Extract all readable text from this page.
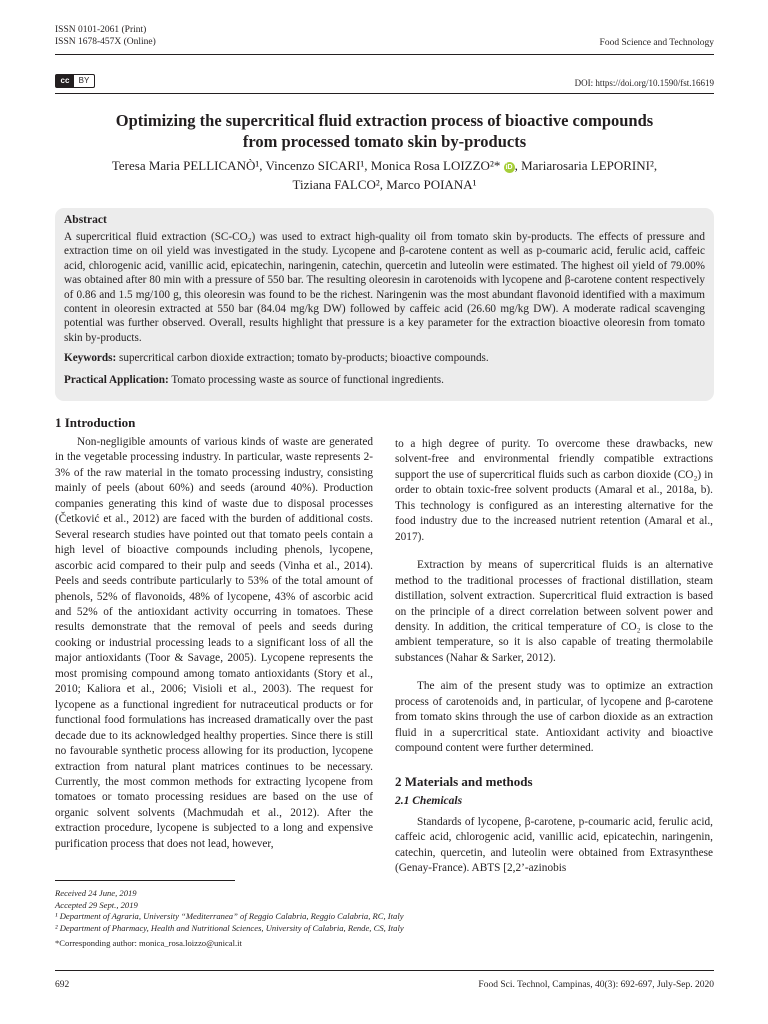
ISSN 0101-2061 (Print)
ISSN 1678-457X (Online)	Food Science and Technology
cc	BY	DOI: https://doi.org/10.1590/fst.16619
Optimizing the supercritical fluid extraction process of bioactive compounds
from processed tomato skin by-products
Teresa Maria PELLICANÒ¹, Vincenzo SICARI¹, Monica Rosa LOIZZO²* iD , Mariarosaria LEPORINI²,
Tiziana FALCO², Marco POIANA¹
Abstract

A supercritical fluid extraction (SC-CO₂) was used to extract high-quality oil from tomato skin by-products. The effects of pressure and extraction time on oil yield was investigated in the study. Lycopene and β-carotene content as well as p-coumaric acid, ferulic acid, caffeic acid, chlorogenic acid, vanillic acid, epicatechin, naringenin, catechin, quercetin and luteolin were estimated. The highest oil yield of 79.00% was obtained after 80 min with a pressure of 550 bar. The resulting oleoresin in carotenoids with lycopene and β-carotene content respectively of 0.86 and 1.5 mg/100 g, this oleoresin was found to be the richest. Naringenin was the most abundant flavonoid identified with a maximum content in oleoresin extracted at 550 bar (84.04 mg/kg DW) followed by caffeic acid (26.60 mg/kg DW). A moderate radical scavenging potential was further observed. Overall, results highlight that pressure is a key parameter for the extraction bioactive oleoresin from tomato skin by-products.

Keywords: supercritical carbon dioxide extraction; tomato by-products; bioactive compounds.

Practical Application: Tomato processing waste as source of functional ingredients.

1 Introduction

Non-negligible amounts of various kinds of waste are generated in the vegetable processing industry. In particular, waste represents 2-3% of the raw material in the tomato processing industry, consisting mainly of peels (about 60%) and seeds (around 40%). Production companies generating this kind of waste due to disposal processes (Četković et al., 2012) are faced with the burden of additional costs. Several research studies have pointed out that tomato peels contain a high level of bioactive compounds including phenols, lycopene, ascorbic acid compared to their pulp and seeds (Vinha et al., 2014). Peels and seeds contribute particularly to 53% of the total amount of phenols, 52% of flavonoids, 48% of lycopene, 43% of ascorbic acid and 52% of the antioxidant activity occurring in tomatoes. These results demonstrate that the removal of peels and seeds during cooking or industrial processing leads to a significant loss of all the major antioxidants (Toor & Savage, 2005). Lycopene represents the most promising compound among tomato antioxidants (Story et al., 2010; Kaliora et al., 2006; Visioli et al., 2003). The request for lycopene as a functional ingredient for nutraceutical products or for functional food formulations has increased dramatically over the past decade due to its acknowledged healthy properties. Since there is still no favourable synthetic process allowing for its production, lycopene extraction from natural plant matrices continues to be necessary. Currently, the most common methods for extracting lycopene from tomatoes or tomato processing residues are based on the use of organic solvent solvents (Machmudah et al., 2012). After the extraction procedure, lycopene is subjected to a long and expensive purification process that does not lead, however,

to a high degree of purity. To overcome these drawbacks, new solvent-free and environmental friendly compatible extractions support the use of supercritical fluids such as carbon dioxide (CO₂) in order to obtain toxic-free solvent products (Amaral et al., 2018a, b). This technology is configured as an interesting alternative for the food industry due to the increased nutrient retention (Amaral et al., 2017).

Extraction by means of supercritical fluids is an alternative method to the traditional processes of fractional distillation, steam distillation, solvent extraction. Supercritical fluid extraction is based on the principle of a direct correlation between solvent power and density. In addition, the critical temperature of CO₂ is close to the ambient temperature, so it is also capable of treating thermolabile substances (Nahar & Sarker, 2012).

The aim of the present study was to optimize an extraction process of carotenoids and, in particular, of lycopene and β-carotene from tomato skins through the use of carbon dioxide as an extraction fluid in a supercritical state. Antioxidant activity and bioactive compound content were further determined.

2 Materials and methods
2.1 Chemicals

Standards of lycopene, β-carotene, p-coumaric acid, ferulic acid, caffeic acid, chlorogenic acid, vanillic acid, epicatechin, naringenin, catechin, quercetin, and luteolin were obtained from Extrasynthese (Genay-France). ABTS [2,2’-azinobis

Received 24 June, 2019
Accepted 29 Sept., 2019
¹ Department of Agraria, University “Mediterranea” of Reggio Calabria, Reggio Calabria, RC, Italy
² Department of Pharmacy, Health and Nutritional Sciences, University of Calabria, Rende, CS, Italy
*Corresponding author: monica_rosa.loizzo@unical.it
692	Food Sci. Technol, Campinas, 40(3): 692-697, July-Sep. 2020
